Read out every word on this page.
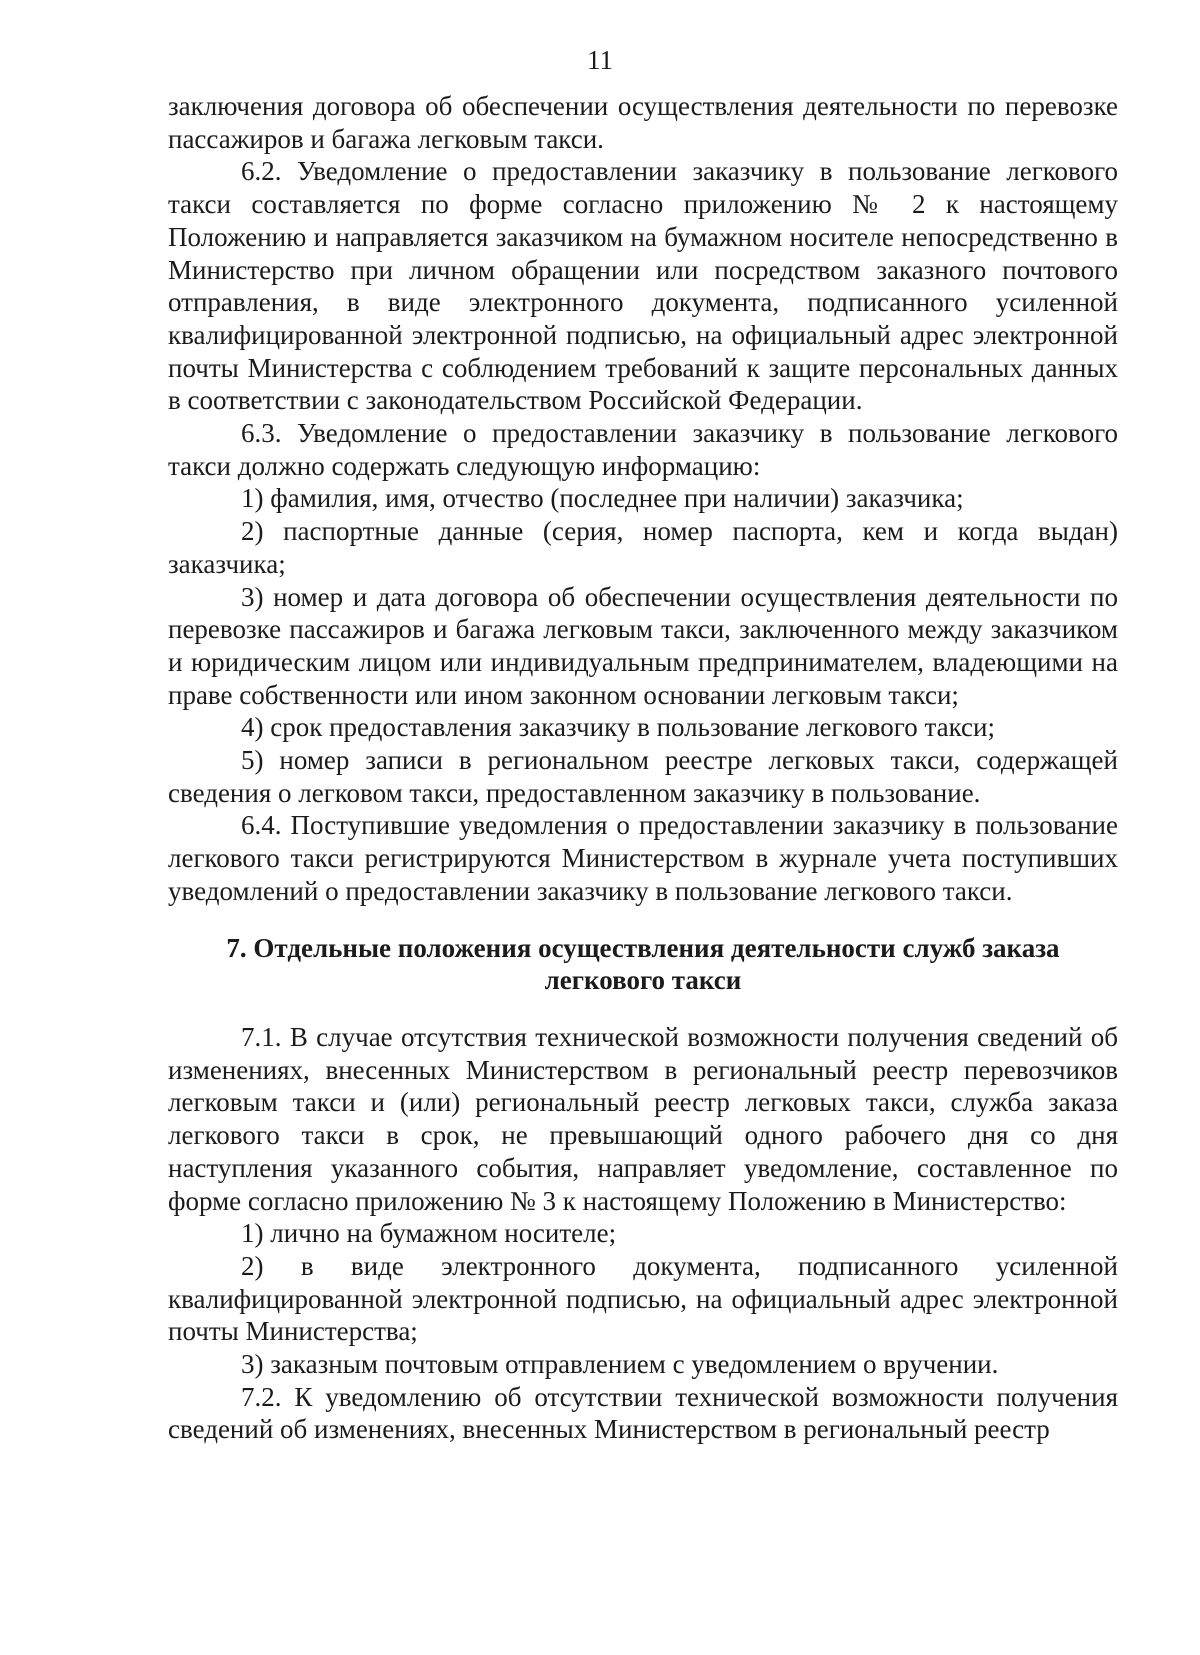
11

заключения договора об обеспечении осуществления деятельности по перевозке пассажиров и багажа легковым такси.

6.2. Уведомление о предоставлении заказчику в пользование легкового такси составляется по форме согласно приложению № 2 к настоящему Положению и направляется заказчиком на бумажном носителе непосредственно в Министерство при личном обращении или посредством заказного почтового отправления, в виде электронного документа, подписанного усиленной квалифицированной электронной подписью, на официальный адрес электронной почты Министерства с соблюдением требований к защите персональных данных в соответствии с законодательством Российской Федерации.

6.3. Уведомление о предоставлении заказчику в пользование легкового такси должно содержать следующую информацию:

1) фамилия, имя, отчество (последнее при наличии) заказчика;

2) паспортные данные (серия, номер паспорта, кем и когда выдан) заказчика;

3) номер и дата договора об обеспечении осуществления деятельности по перевозке пассажиров и багажа легковым такси, заключенного между заказчиком и юридическим лицом или индивидуальным предпринимателем, владеющими на праве собственности или ином законном основании легковым такси;

4) срок предоставления заказчику в пользование легкового такси;

5) номер записи в региональном реестре легковых такси, содержащей сведения о легковом такси, предоставленном заказчику в пользование.

6.4. Поступившие уведомления о предоставлении заказчику в пользование легкового такси регистрируются Министерством в журнале учета поступивших уведомлений о предоставлении заказчику в пользование легкового такси.

7. Отдельные положения осуществления деятельности служб заказа легкового такси

7.1. В случае отсутствия технической возможности получения сведений об изменениях, внесенных Министерством в региональный реестр перевозчиков легковым такси и (или) региональный реестр легковых такси, служба заказа легкового такси в срок, не превышающий одного рабочего дня со дня наступления указанного события, направляет уведомление, составленное по форме согласно приложению № 3 к настоящему Положению в Министерство:

1) лично на бумажном носителе;

2) в виде электронного документа, подписанного усиленной квалифицированной электронной подписью, на официальный адрес электронной почты Министерства;

3) заказным почтовым отправлением с уведомлением о вручении.

7.2. К уведомлению об отсутствии технической возможности получения сведений об изменениях, внесенных Министерством в региональный реестр
